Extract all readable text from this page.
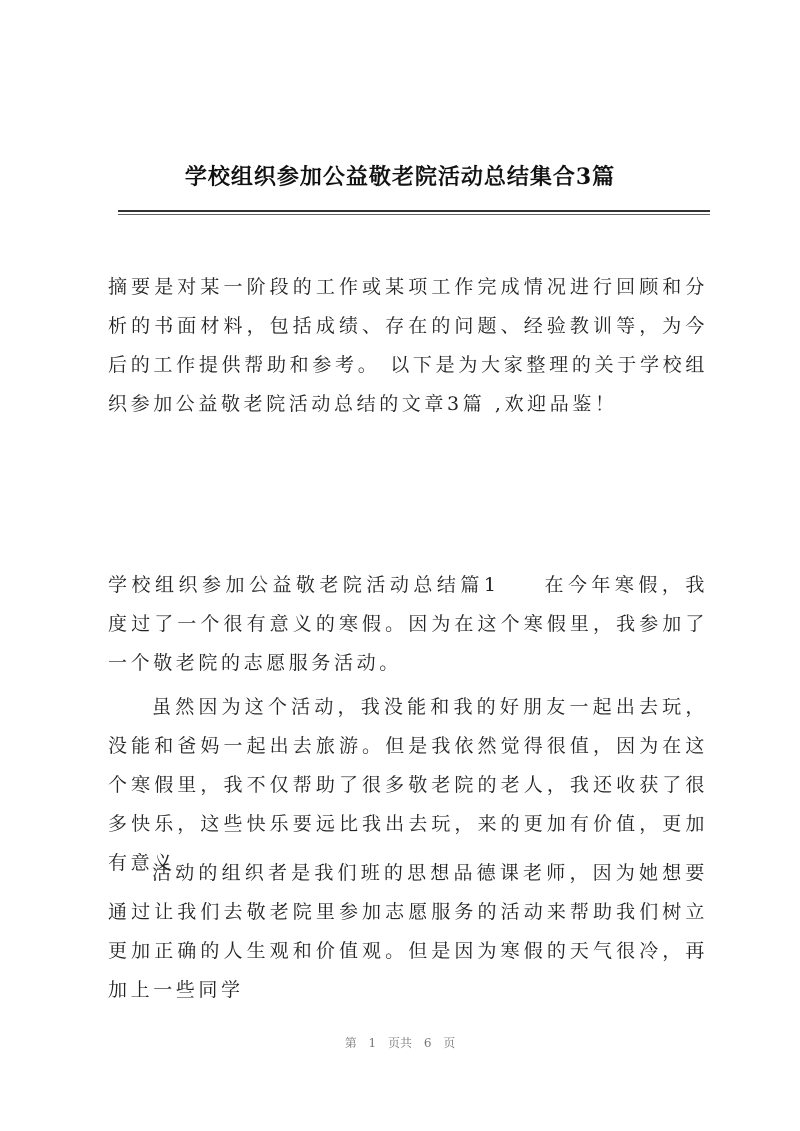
学校组织参加公益敬老院活动总结集合3篇

摘要是对某一阶段的工作或某项工作完成情况进行回顾和分析的书面材料，包括成绩、存在的问题、经验教训等，为今后的工作提供帮助和参考。 以下是为大家整理的关于学校组织参加公益敬老院活动总结的文章3篇 ,欢迎品鉴！

学校组织参加公益敬老院活动总结篇1 在今年寒假，我度过了一个很有意义的寒假。因为在这个寒假里，我参加了一个敬老院的志愿服务活动。

虽然因为这个活动，我没能和我的好朋友一起出去玩，没能和爸妈一起出去旅游。但是我依然觉得很值，因为在这个寒假里，我不仅帮助了很多敬老院的老人，我还收获了很多快乐，这些快乐要远比我出去玩，来的更加有价值，更加有意义。

活动的组织者是我们班的思想品德课老师，因为她想要通过让我们去敬老院里参加志愿服务的活动来帮助我们树立更加正确的人生观和价值观。但是因为寒假的天气很冷，再加上一些同学

第 1 页共 6 页
